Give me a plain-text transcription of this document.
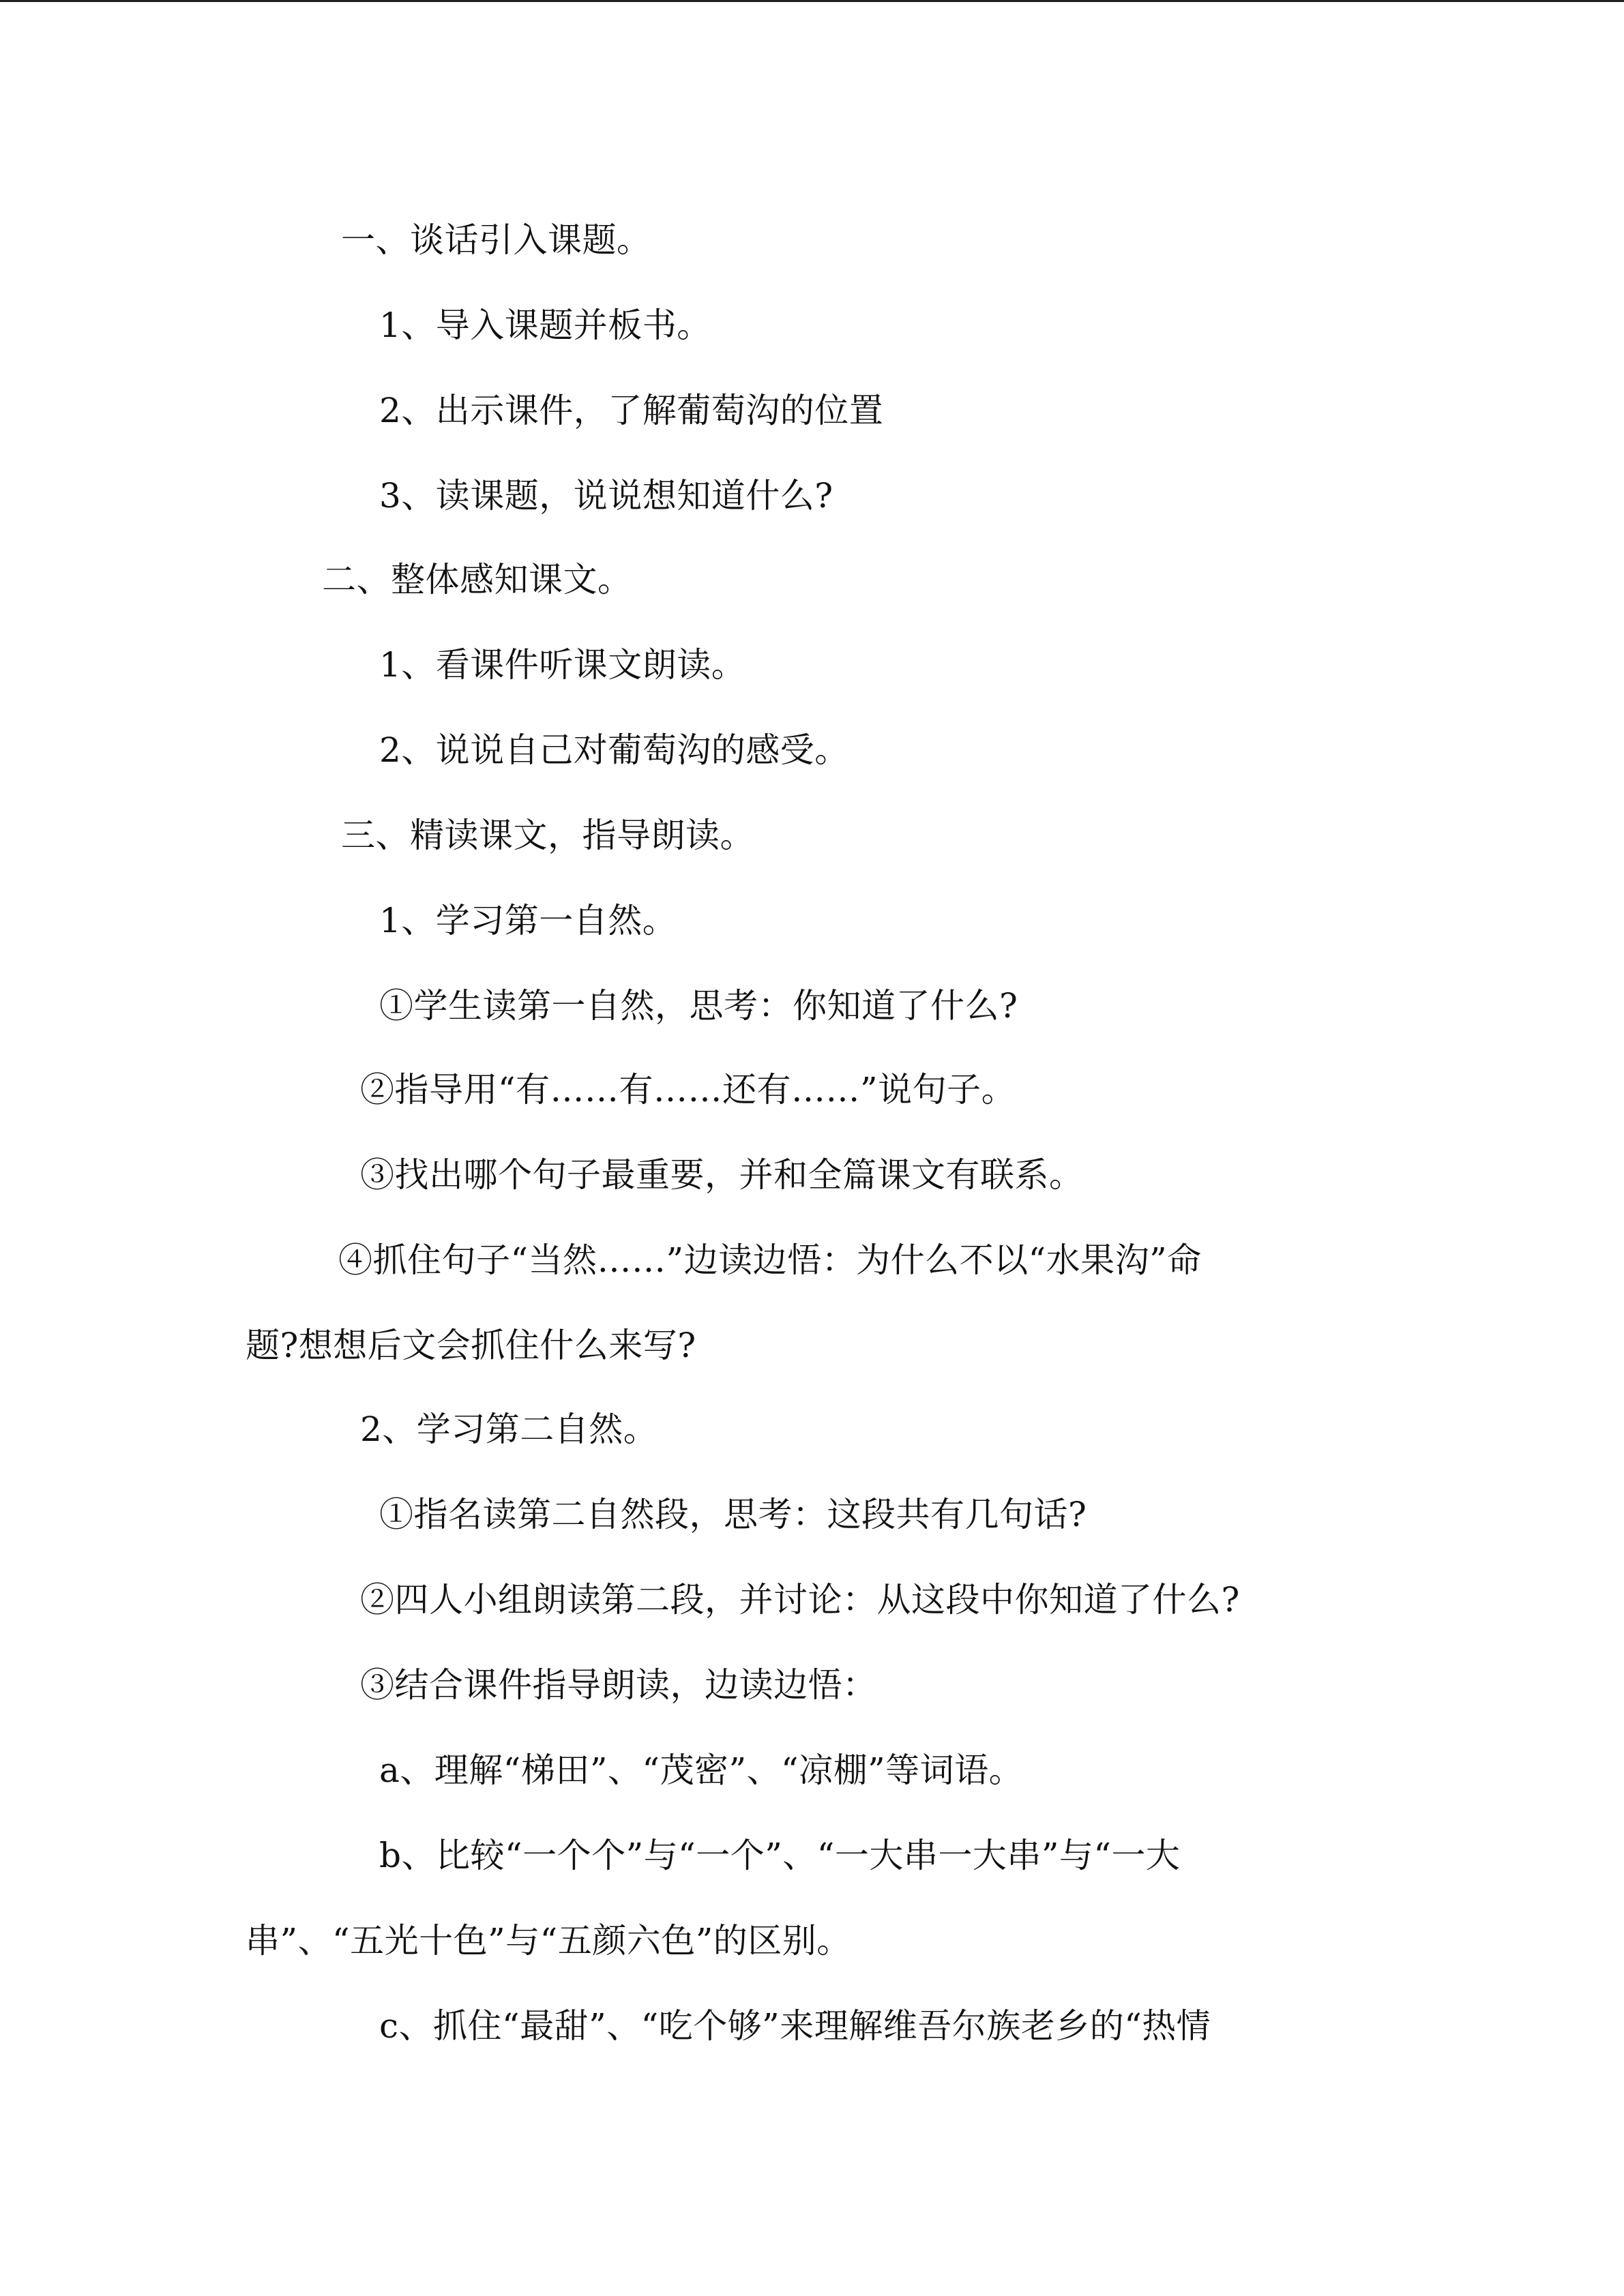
一、谈话引入课题。
1、导入课题并板书。
2、出示课件，了解葡萄沟的位置
3、读课题，说说想知道什么?
二、整体感知课文。
1、看课件听课文朗读。
2、说说自己对葡萄沟的感受。
三、精读课文，指导朗读。
1、学习第一自然。
①学生读第一自然，思考：你知道了什么?
②指导用“有……有……还有……”说句子。
③找出哪个句子最重要，并和全篇课文有联系。
④抓住句子“当然……”边读边悟：为什么不以“水果沟”命
题?想想后文会抓住什么来写?
2、学习第二自然。
①指名读第二自然段，思考：这段共有几句话?
②四人小组朗读第二段，并讨论：从这段中你知道了什么?
③结合课件指导朗读，边读边悟：
a、理解“梯田”、“茂密”、“凉棚”等词语。
b、比较“一个个”与“一个”、“一大串一大串”与“一大
串”、“五光十色”与“五颜六色”的区别。
c、抓住“最甜”、“吃个够”来理解维吾尔族老乡的“热情
